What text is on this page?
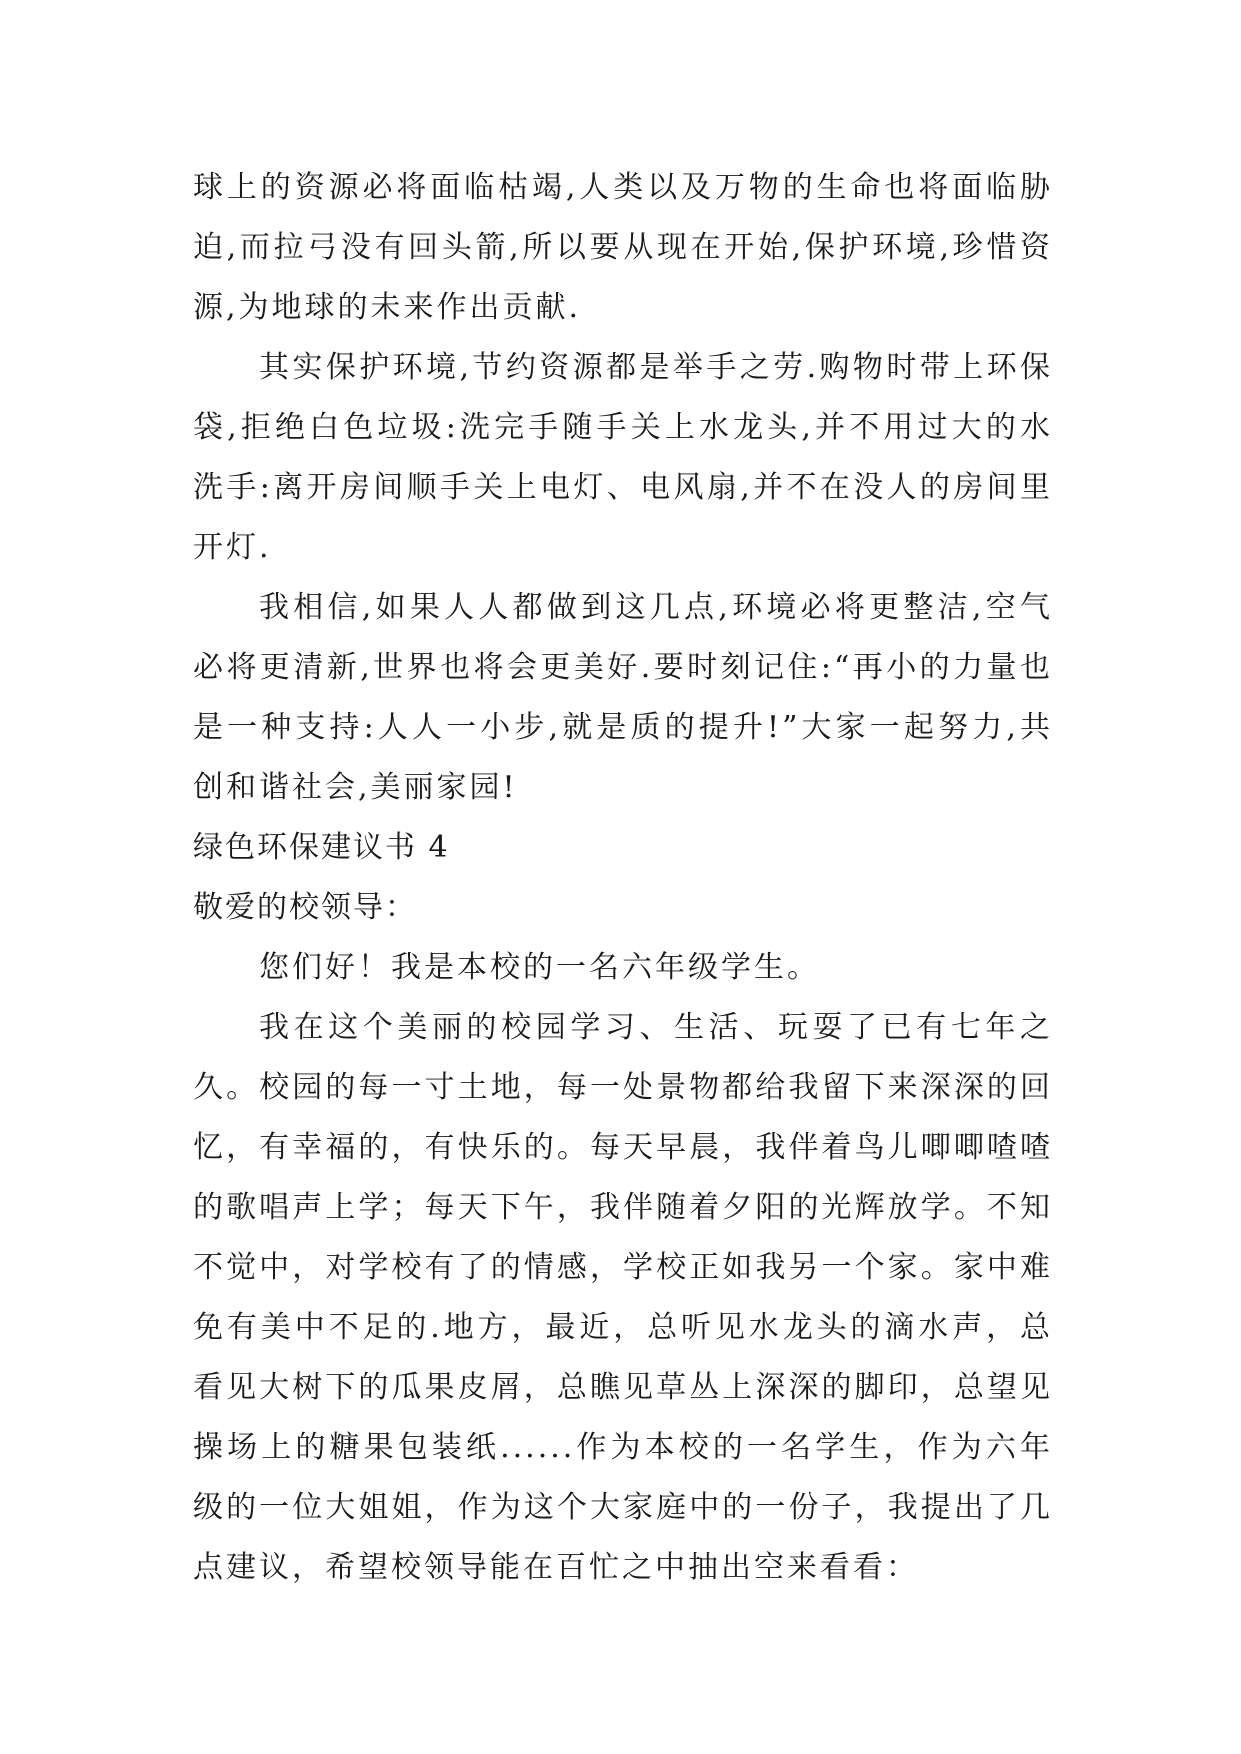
球上的资源必将面临枯竭,人类以及万物的生命也将面临胁迫,而拉弓没有回头箭,所以要从现在开始,保护环境,珍惜资源,为地球的未来作出贡献.

其实保护环境,节约资源都是举手之劳.购物时带上环保袋,拒绝白色垃圾:洗完手随手关上水龙头,并不用过大的水洗手:离开房间顺手关上电灯、电风扇,并不在没人的房间里开灯.

我相信,如果人人都做到这几点,环境必将更整洁,空气必将更清新,世界也将会更美好.要时刻记住:“再小的力量也是一种支持:人人一小步,就是质的提升!”大家一起努力,共创和谐社会,美丽家园!

绿色环保建议书 4

敬爱的校领导：

您们好！我是本校的一名六年级学生。

我在这个美丽的校园学习、生活、玩耍了已有七年之久。校园的每一寸土地，每一处景物都给我留下来深深的回忆，有幸福的，有快乐的。每天早晨，我伴着鸟儿唧唧喳喳的歌唱声上学；每天下午，我伴随着夕阳的光辉放学。不知不觉中，对学校有了的情感，学校正如我另一个家。家中难免有美中不足的.地方，最近，总听见水龙头的滴水声，总看见大树下的瓜果皮屑，总瞧见草丛上深深的脚印，总望见操场上的糖果包装纸......作为本校的一名学生，作为六年级的一位大姐姐，作为这个大家庭中的一份子，我提出了几点建议，希望校领导能在百忙之中抽出空来看看：
